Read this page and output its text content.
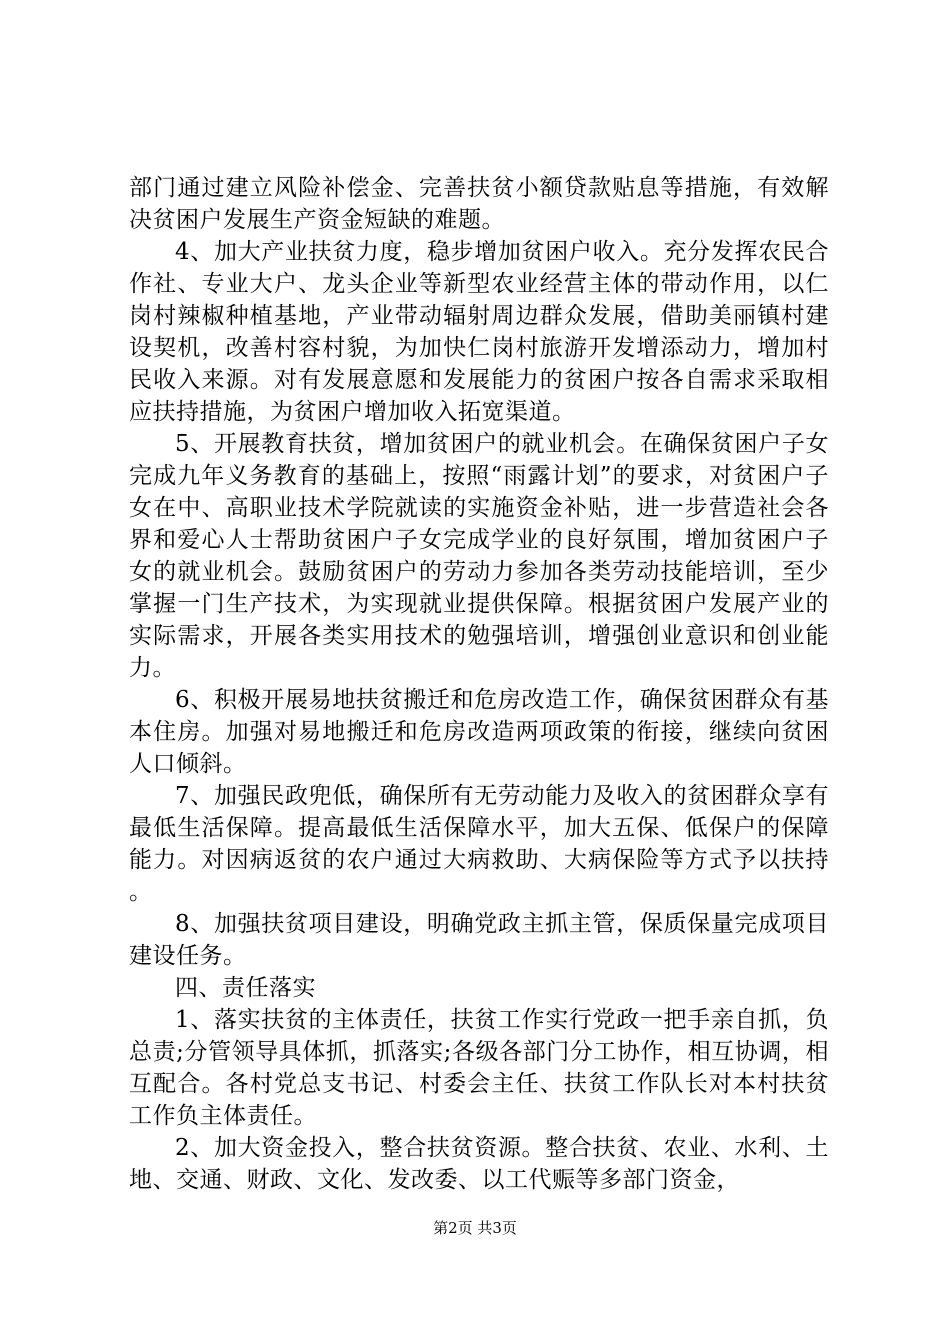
部门通过建立风险补偿金、完善扶贫小额贷款贴息等措施，有效解决贫困户发展生产资金短缺的难题。

4、加大产业扶贫力度，稳步增加贫困户收入。充分发挥农民合作社、专业大户、龙头企业等新型农业经营主体的带动作用，以仁岗村辣椒种植基地，产业带动辐射周边群众发展，借助美丽镇村建设契机，改善村容村貌，为加快仁岗村旅游开发增添动力，增加村民收入来源。对有发展意愿和发展能力的贫困户按各自需求采取相应扶持措施，为贫困户增加收入拓宽渠道。

5、开展教育扶贫，增加贫困户的就业机会。在确保贫困户子女完成九年义务教育的基础上，按照“雨露计划”的要求，对贫困户子女在中、高职业技术学院就读的实施资金补贴，进一步营造社会各界和爱心人士帮助贫困户子女完成学业的良好氛围，增加贫困户子女的就业机会。鼓励贫困户的劳动力参加各类劳动技能培训，至少掌握一门生产技术，为实现就业提供保障。根据贫困户发展产业的实际需求，开展各类实用技术的勉强培训，增强创业意识和创业能力。

6、积极开展易地扶贫搬迁和危房改造工作，确保贫困群众有基本住房。加强对易地搬迁和危房改造两项政策的衔接，继续向贫困人口倾斜。

7、加强民政兜低，确保所有无劳动能力及收入的贫困群众享有最低生活保障。提高最低生活保障水平，加大五保、低保户的保障能力。对因病返贫的农户通过大病救助、大病保险等方式予以扶持。

8、加强扶贫项目建设，明确党政主抓主管，保质保量完成项目建设任务。

四、责任落实

1、落实扶贫的主体责任，扶贫工作实行党政一把手亲自抓，负总责;分管领导具体抓，抓落实;各级各部门分工协作，相互协调，相互配合。各村党总支书记、村委会主任、扶贫工作队长对本村扶贫工作负主体责任。

2、加大资金投入，整合扶贫资源。整合扶贫、农业、水利、土地、交通、财政、文化、发改委、以工代赈等多部门资金，

第2页 共3页
